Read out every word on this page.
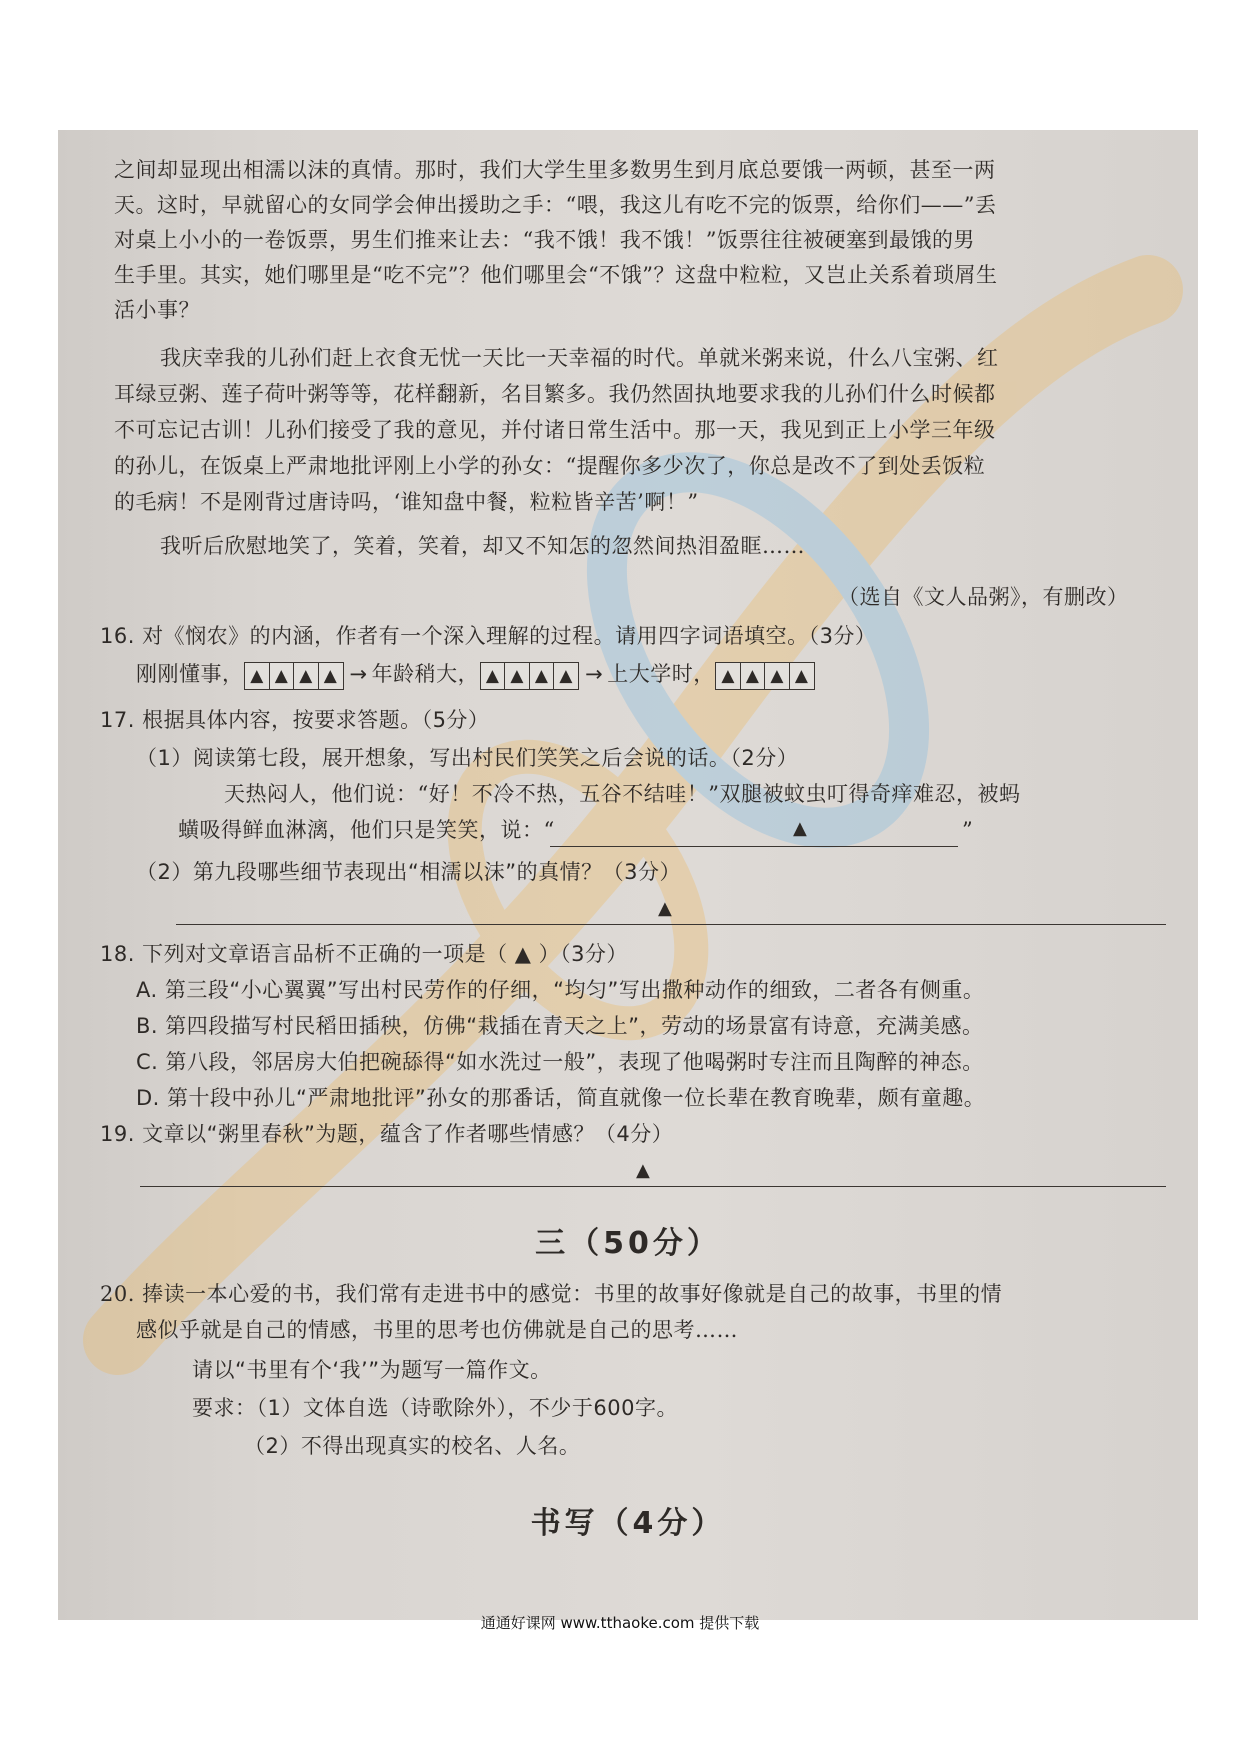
之间却显现出相濡以沫的真情。那时，我们大学生里多数男生到月底总要饿一两顿，甚至一两
天。这时，早就留心的女同学会伸出援助之手：“喂，我这儿有吃不完的饭票，给你们——”丢
对桌上小小的一卷饭票，男生们推来让去：“我不饿！我不饿！”饭票往往被硬塞到最饿的男
生手里。其实，她们哪里是“吃不完”？他们哪里会“不饿”？这盘中粒粒，又岂止关系着琐屑生
活小事？
我庆幸我的儿孙们赶上衣食无忧一天比一天幸福的时代。单就米粥来说，什么八宝粥、红
耳绿豆粥、莲子荷叶粥等等，花样翻新，名目繁多。我仍然固执地要求我的儿孙们什么时候都
不可忘记古训！儿孙们接受了我的意见，并付诸日常生活中。那一天，我见到正上小学三年级
的孙儿，在饭桌上严肃地批评刚上小学的孙女：“提醒你多少次了，你总是改不了到处丢饭粒
的毛病！不是刚背过唐诗吗，‘谁知盘中餐，粒粒皆辛苦’啊！”
我听后欣慰地笑了，笑着，笑着，却又不知怎的忽然间热泪盈眶……
（选自《文人品粥》，有删改）
16. 对《悯农》的内涵，作者有一个深入理解的过程。请用四字词语填空。（3分）
刚刚懂事， ▲ ▲ ▲ ▲ → 年龄稍大， ▲ ▲ ▲ ▲ → 上大学时， ▲ ▲ ▲ ▲
17. 根据具体内容，按要求答题。（5分）
（1）阅读第七段，展开想象，写出村民们笑笑之后会说的话。（2分）
天热闷人，他们说：“好！不冷不热，五谷不结哇！”双腿被蚊虫叮得奇痒难忍，被蚂
蟥吸得鲜血淋漓，他们只是笑笑，说：“	▲	”
（2）第九段哪些细节表现出“相濡以沫”的真情？（3分）
▲
18. 下列对文章语言品析不正确的一项是（ ▲ ）（3分）
A. 第三段“小心翼翼”写出村民劳作的仔细，“均匀”写出撒种动作的细致，二者各有侧重。
B. 第四段描写村民稻田插秧，仿佛“栽插在青天之上”，劳动的场景富有诗意，充满美感。
C. 第八段，邻居房大伯把碗舔得“如水洗过一般”，表现了他喝粥时专注而且陶醉的神态。
D. 第十段中孙儿“严肃地批评”孙女的那番话，简直就像一位长辈在教育晚辈，颇有童趣。
19. 文章以“粥里春秋”为题，蕴含了作者哪些情感？（4分）
▲
三（50分）
20. 捧读一本心爱的书，我们常有走进书中的感觉：书里的故事好像就是自己的故事，书里的情
感似乎就是自己的情感，书里的思考也仿佛就是自己的思考……
请以“书里有个‘我’”为题写一篇作文。
要求：（1）文体自选（诗歌除外），不少于600字。
（2）不得出现真实的校名、人名。
书写（4分）
通通好课网 www.tthaoke.com 提供下载
